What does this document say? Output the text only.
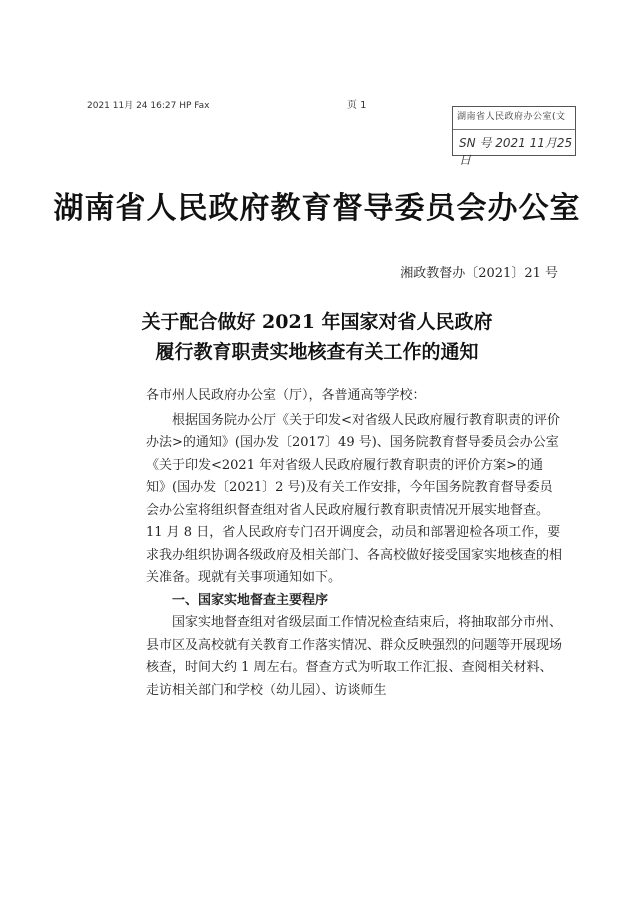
2021 11月 24 16:27 HP Fax	页 1
湖南省人民政府办公室(文
SN 号 2021 11月25日
湖南省人民政府教育督导委员会办公室
湘政教督办〔2021〕21 号
关于配合做好 2021 年国家对省人民政府
履行教育职责实地核查有关工作的通知

各市州人民政府办公室（厅），各普通高等学校：

根据国务院办公厅《关于印发<对省级人民政府履行教育职责的评价办法>的通知》(国办发〔2017〕49 号)、国务院教育督导委员会办公室《关于印发<2021 年对省级人民政府履行教育职责的评价方案>的通知》(国办发〔2021〕2 号)及有关工作安排，今年国务院教育督导委员会办公室将组织督查组对省人民政府履行教育职责情况开展实地督查。11 月 8 日，省人民政府专门召开调度会，动员和部署迎检各项工作，要求我办组织协调各级政府及相关部门、各高校做好接受国家实地核查的相关准备。现就有关事项通知如下。

一、国家实地督查主要程序

国家实地督查组对省级层面工作情况检查结束后，将抽取部分市州、县市区及高校就有关教育工作落实情况、群众反映强烈的问题等开展现场核查，时间大约 1 周左右。督查方式为听取工作汇报、查阅相关材料、走访相关部门和学校（幼儿园）、访谈师生
